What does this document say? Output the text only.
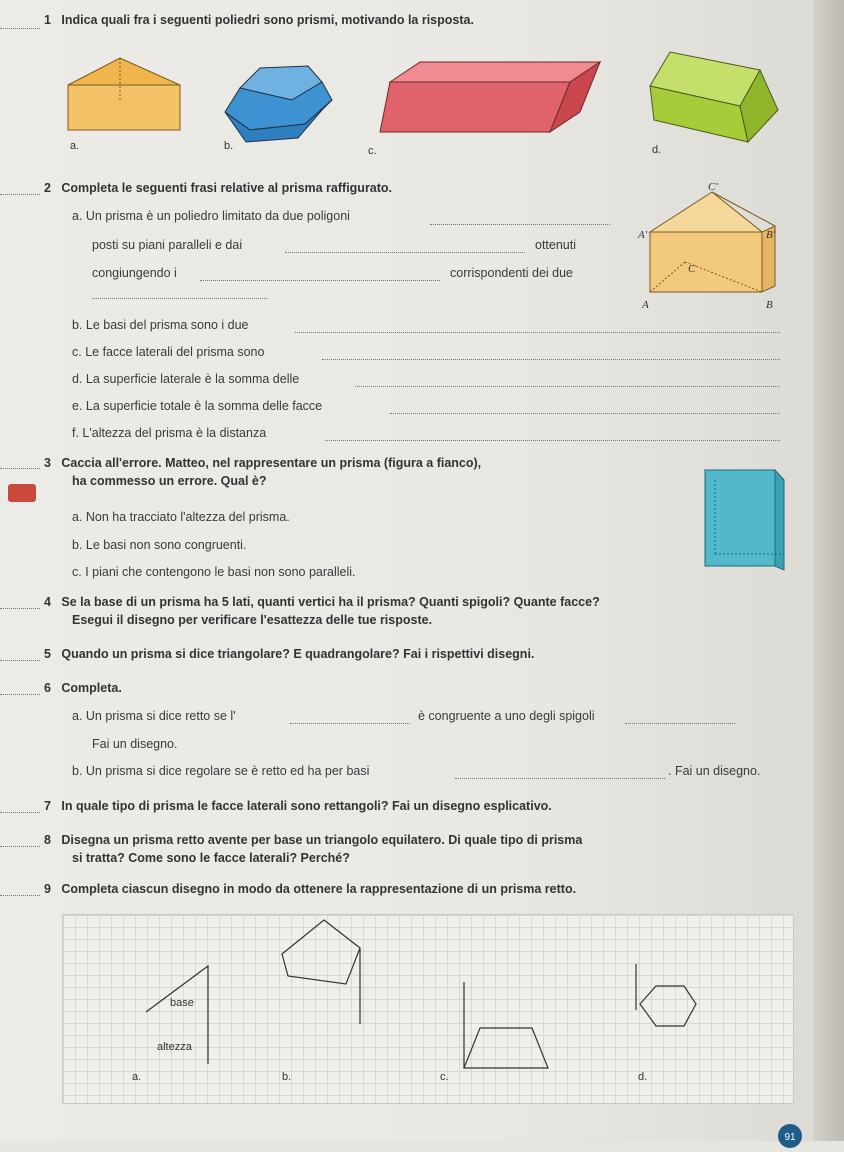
1 Indica quali fra i seguenti poliedri sono prismi, motivando la risposta.
a.	b.	c.	d.
2 Completa le seguenti frasi relative al prisma raffigurato.
a. Un prisma è un poliedro limitato da due poligoni
posti su piani paralleli e dai	ottenuti
congiungendo i	corrispondenti dei due
b. Le basi del prisma sono i due
c. Le facce laterali del prisma sono
d. La superficie laterale è la somma delle
e. La superficie totale è la somma delle facce
f. L'altezza del prisma è la distanza
C'
A'	B'
C
A	B
3 Caccia all'errore. Matteo, nel rappresentare un prisma (figura a fianco),
ha commesso un errore. Qual è?
a. Non ha tracciato l'altezza del prisma.
b. Le basi non sono congruenti.
c. I piani che contengono le basi non sono paralleli.
4 Se la base di un prisma ha 5 lati, quanti vertici ha il prisma? Quanti spigoli? Quante facce?
Esegui il disegno per verificare l'esattezza delle tue risposte.
5 Quando un prisma si dice triangolare? E quadrangolare? Fai i rispettivi disegni.
6 Completa.
a. Un prisma si dice retto se l'	è congruente a uno degli spigoli
Fai un disegno.
b. Un prisma si dice regolare se è retto ed ha per basi	. Fai un disegno.
7 In quale tipo di prisma le facce laterali sono rettangoli? Fai un disegno esplicativo.
8 Disegna un prisma retto avente per base un triangolo equilatero. Di quale tipo di prisma
si tratta? Come sono le facce laterali? Perché?
9 Completa ciascun disegno in modo da ottenere la rappresentazione di un prisma retto.
base
altezza
a.	b.	c.	d.
91
